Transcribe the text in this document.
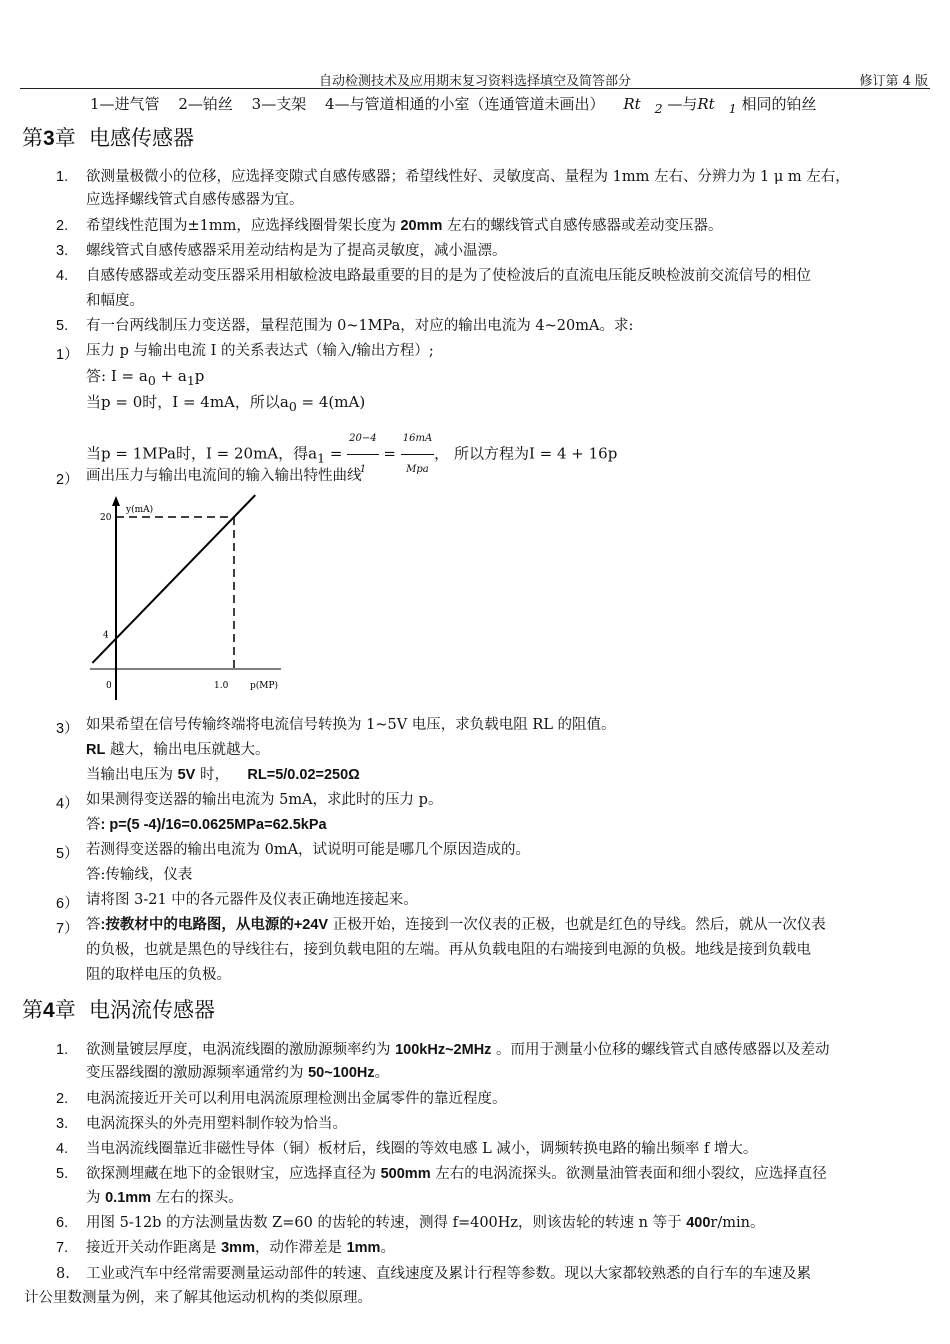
自动检测技术及应用期末复习资料选择填空及简答部分	修订第 4 版
1—进气管 2—铂丝 3—支架 4—与管道相通的小室（连通管道未画出） Rt $_2$ —与Rt $_1$ 相同的铂丝
第3章 电感传感器
1. 欲测量极微小的位移，应选择变隙式自感传感器；希望线性好、灵敏度高、量程为 1mm 左右、分辨力为 1 μ m 左右，
应选择螺线管式自感传感器为宜。
2. 希望线性范围为±1mm，应选择线圈骨架长度为 20mm 左右的螺线管式自感传感器或差动变压器。
3. 螺线管式自感传感器采用差动结构是为了提高灵敏度，减小温漂。
4. 自感传感器或差动变压器采用相敏检波电路最重要的目的是为了使检波后的直流电压能反映检波前交流信号的相位
和幅度。
5. 有一台两线制压力变送器，量程范围为 0~1MPa，对应的输出电流为 4~20mA。求:
1） 压力 p 与输出电流 I 的关系表达式（输入/输出方程）;
答: $I = a_0 + a_1p$
当p = 0时，I = 4mA，所以$a_0 = 4(mA)$
当p = 1MPa时，I = 20mA，得$a_1 = \frac{20-4}{1} = \frac{16mA}{\text{Mpa}}$ ， 所以方程为I = 4 + 16p
2） 画出压力与输出电流间的输入输出特性曲线
y(mA)
20
4
0	1.0 p(MP)
3） 如果希望在信号传输终端将电流信号转换为 1~5V 电压，求负载电阻 RL 的阻值。
RL 越大，输出电压就越大。
当输出电压为 5V 时， RL=5/0.02=250Ω
4） 如果测得变送器的输出电流为 5mA，求此时的压力 p。
答: p=(5 -4)/16=0.0625MPa=62.5kPa
5） 若测得变送器的输出电流为 0mA，试说明可能是哪几个原因造成的。
答:传输线，仪表
6） 请将图 3-21 中的各元器件及仪表正确地连接起来。
7） 答:按教材中的电路图，从电源的+24V 正极开始，连接到一次仪表的正极，也就是红色的导线。然后，就从一次仪表
的负极，也就是黑色的导线往右，接到负载电阻的左端。再从负载电阻的右端接到电源的负极。地线是接到负载电
阻的取样电压的负极。
第4章 电涡流传感器
1. 欲测量镀层厚度，电涡流线圈的激励源频率约为 100kHz~2MHz 。而用于测量小位移的螺线管式自感传感器以及差动
变压器线圈的激励源频率通常约为 50~100Hz。
2. 电涡流接近开关可以利用电涡流原理检测出金属零件的靠近程度。
3. 电涡流探头的外壳用塑料制作较为恰当。
4. 当电涡流线圈靠近非磁性导体（铜）板材后，线圈的等效电感 L 减小，调频转换电路的输出频率 f 增大。
5. 欲探测埋藏在地下的金银财宝，应选择直径为 500mm 左右的电涡流探头。欲测量油管表面和细小裂纹，应选择直径
为 0.1mm 左右的探头。
6. 用图 5-12b 的方法测量齿数 Z=60 的齿轮的转速，测得 f=400Hz，则该齿轮的转速 n 等于 400r/min。
7. 接近开关动作距离是 3mm，动作滞差是 1mm。
8. 工业或汽车中经常需要测量运动部件的转速、直线速度及累计行程等参数。现以大家都较熟悉的自行车的车速及累
计公里数测量为例，来了解其他运动机构的类似原理。
